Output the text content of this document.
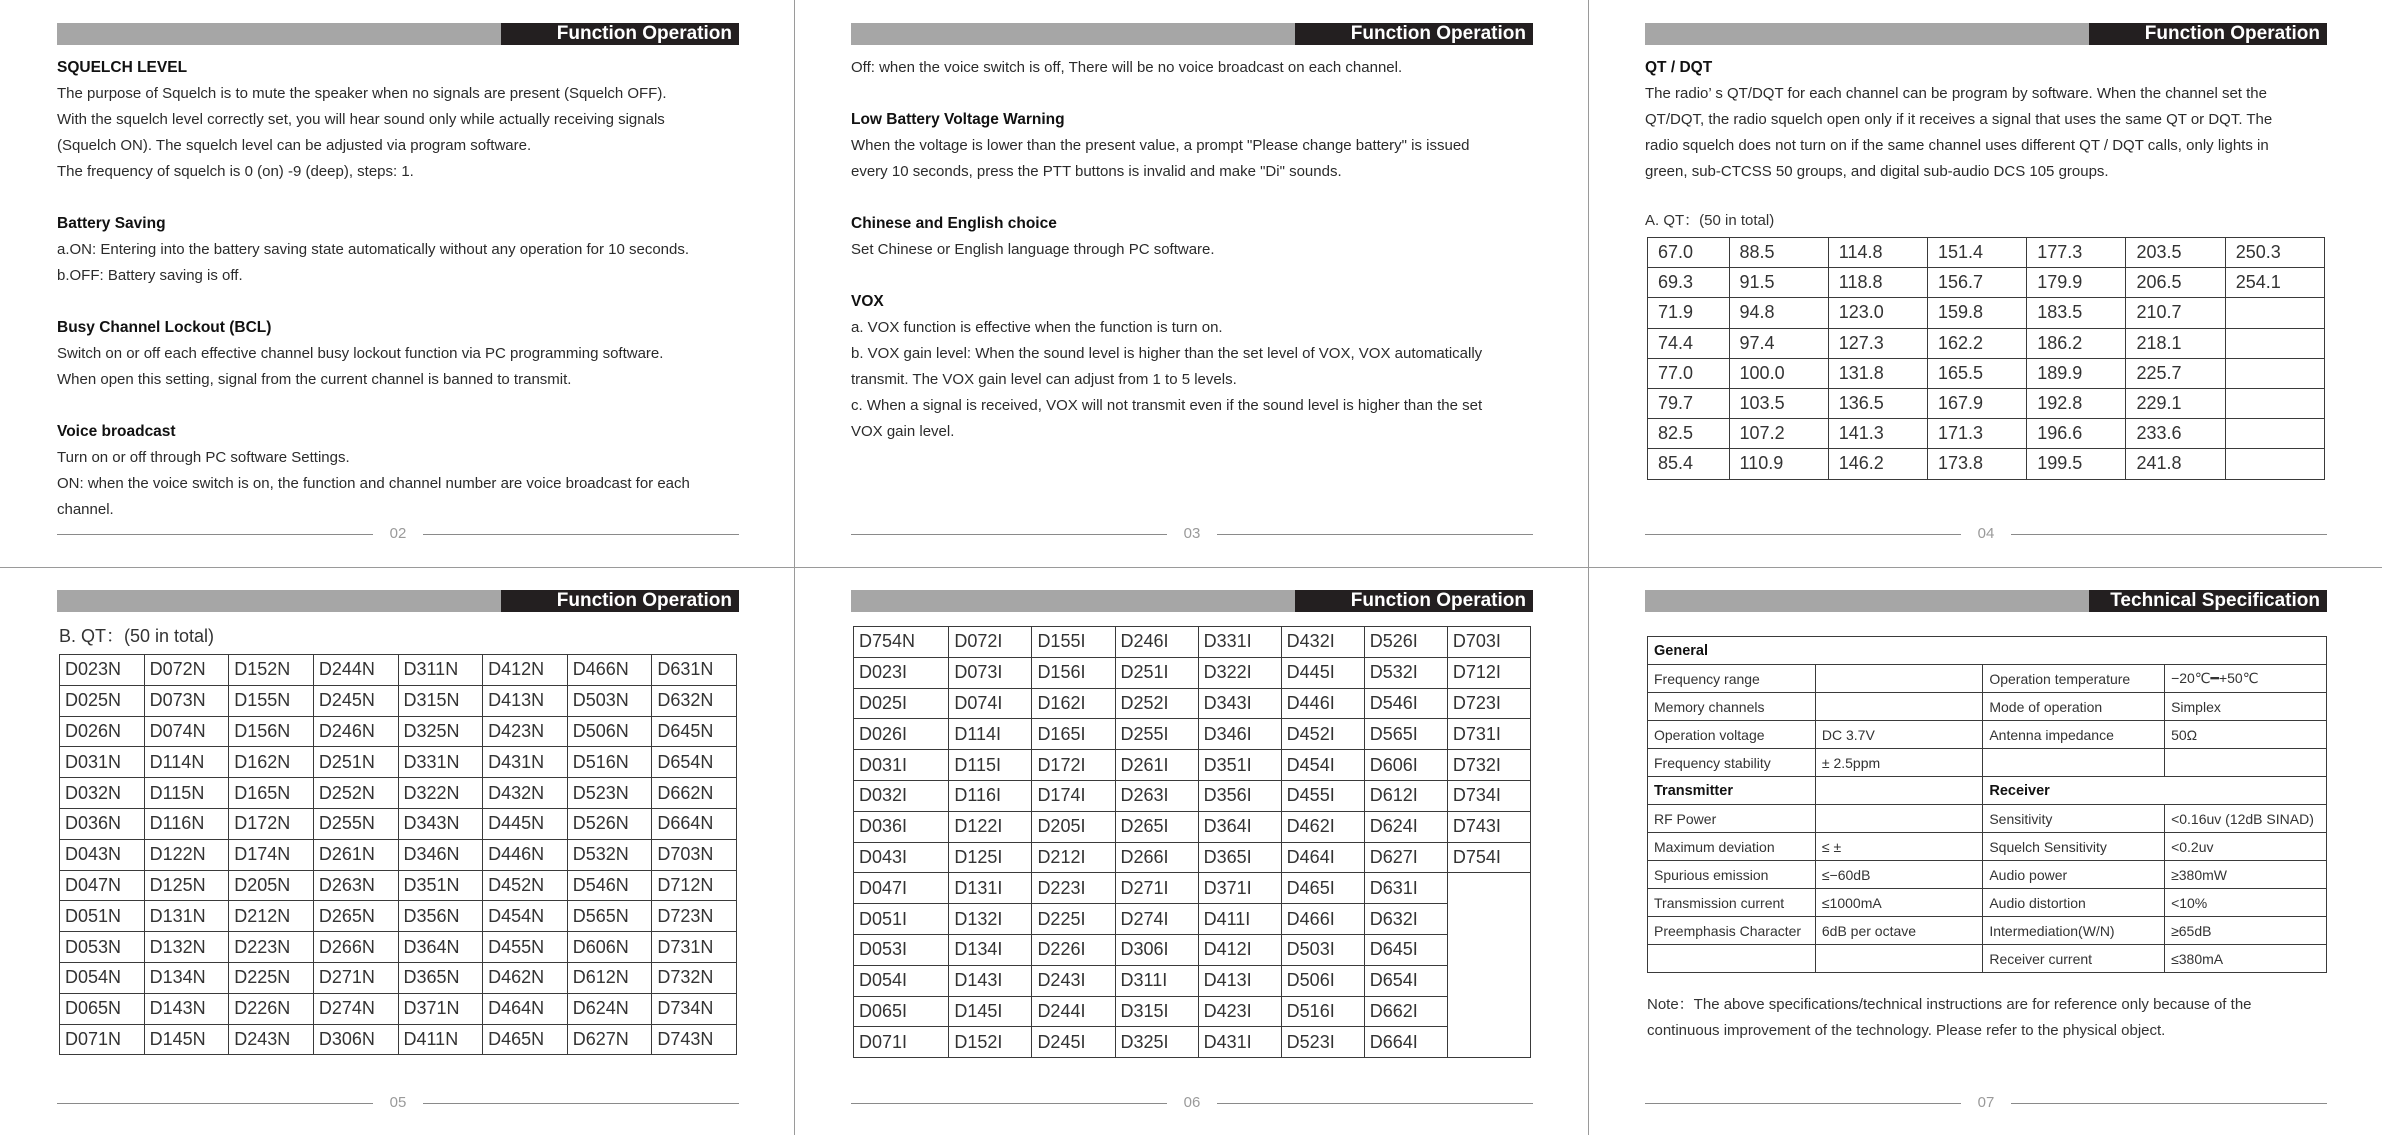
Function Operation

SQUELCH LEVEL

The purpose of Squelch is to mute the speaker when no signals are present (Squelch OFF).

With the squelch level correctly set, you will hear sound only while actually receiving signals

(Squelch ON). The squelch level can be adjusted via program software.

The frequency of squelch is 0 (on) -9 (deep), steps: 1.

Battery Saving

a.ON: Entering into the battery saving state automatically without any operation for 10 seconds.

b.OFF: Battery saving is off.

Busy Channel Lockout (BCL)

Switch on or off each effective channel busy lockout function via PC programming software.

When open this setting, signal from the current channel is banned to transmit.

Voice broadcast

Turn on or off through PC software Settings.

ON: when the voice switch is on, the function and channel number are voice broadcast for each

channel.

02
Function Operation

Off: when the voice switch is off, There will be no voice broadcast on each channel.

Low Battery Voltage Warning

When the voltage is lower than the present value, a prompt "Please change battery" is issued

every 10 seconds, press the PTT buttons is invalid and make "Di" sounds.

Chinese and English choice

Set Chinese or English language through PC software.

VOX

a. VOX function is effective when the function is turn on.

b. VOX gain level: When the sound level is higher than the set level of VOX, VOX automatically

transmit. The VOX gain level can adjust from 1 to 5 levels.

c. When a signal is received, VOX will not transmit even if the sound level is higher than the set

VOX gain level.

03
Function Operation

QT / DQT

The radio’ s QT/DQT for each channel can be program by software. When the channel set the

QT/DQT, the radio squelch open only if it receives a signal that uses the same QT or DQT. The

radio squelch does not turn on if the same channel uses different QT / DQT calls, only lights in

green, sub-CTCSS 50 groups, and digital sub-audio DCS 105 groups.

A. QT：(50 in total)
67.0	88.5	114.8	151.4	177.3	203.5	250.3
69.3	91.5	118.8	156.7	179.9	206.5	254.1
71.9	94.8	123.0	159.8	183.5	210.7	
74.4	97.4	127.3	162.2	186.2	218.1	
77.0	100.0	131.8	165.5	189.9	225.7	
79.7	103.5	136.5	167.9	192.8	229.1	
82.5	107.2	141.3	171.3	196.6	233.6	
85.4	110.9	146.2	173.8	199.5	241.8	
04
Function Operation
B. QT：(50 in total)
D023N	D072N	D152N	D244N	D311N	D412N	D466N	D631N
D025N	D073N	D155N	D245N	D315N	D413N	D503N	D632N
D026N	D074N	D156N	D246N	D325N	D423N	D506N	D645N
D031N	D114N	D162N	D251N	D331N	D431N	D516N	D654N
D032N	D115N	D165N	D252N	D322N	D432N	D523N	D662N
D036N	D116N	D172N	D255N	D343N	D445N	D526N	D664N
D043N	D122N	D174N	D261N	D346N	D446N	D532N	D703N
D047N	D125N	D205N	D263N	D351N	D452N	D546N	D712N
D051N	D131N	D212N	D265N	D356N	D454N	D565N	D723N
D053N	D132N	D223N	D266N	D364N	D455N	D606N	D731N
D054N	D134N	D225N	D271N	D365N	D462N	D612N	D732N
D065N	D143N	D226N	D274N	D371N	D464N	D624N	D734N
D071N	D145N	D243N	D306N	D411N	D465N	D627N	D743N
05
Function Operation
D754N	D072I	D155I	D246I	D331I	D432I	D526I	D703I
D023I	D073I	D156I	D251I	D322I	D445I	D532I	D712I
D025I	D074I	D162I	D252I	D343I	D446I	D546I	D723I
D026I	D114I	D165I	D255I	D346I	D452I	D565I	D731I
D031I	D115I	D172I	D261I	D351I	D454I	D606I	D732I
D032I	D116I	D174I	D263I	D356I	D455I	D612I	D734I
D036I	D122I	D205I	D265I	D364I	D462I	D624I	D743I
D043I	D125I	D212I	D266I	D365I	D464I	D627I	D754I
D047I	D131I	D223I	D271I	D371I	D465I	D631I	
D051I	D132I	D225I	D274I	D411I	D466I	D632I	
D053I	D134I	D226I	D306I	D412I	D503I	D645I	
D054I	D143I	D243I	D311I	D413I	D506I	D654I	
D065I	D145I	D244I	D315I	D423I	D516I	D662I	
D071I	D152I	D245I	D325I	D431I	D523I	D664I	
06
Technical Specification
General			
Frequency range		Operation temperature	−20℃━+50℃
Memory channels		Mode of operation	Simplex
Operation voltage	DC 3.7V	Antenna impedance	50Ω
Frequency stability	± 2.5ppm		
Transmitter		Receiver	
RF Power		Sensitivity	<0.16uv (12dB SINAD)
Maximum deviation	≤ ±	Squelch Sensitivity	<0.2uv
Spurious emission	≤−60dB	Audio power	≥380mW
Transmission current	≤1000mA	Audio distortion	<10%
Preemphasis Character	6dB per octave	Intermediation(W/N)	≥65dB
		Receiver current	≤380mA

Note：The above specifications/technical instructions are for reference only because of the

continuous improvement of the technology. Please refer to the physical object.

07
